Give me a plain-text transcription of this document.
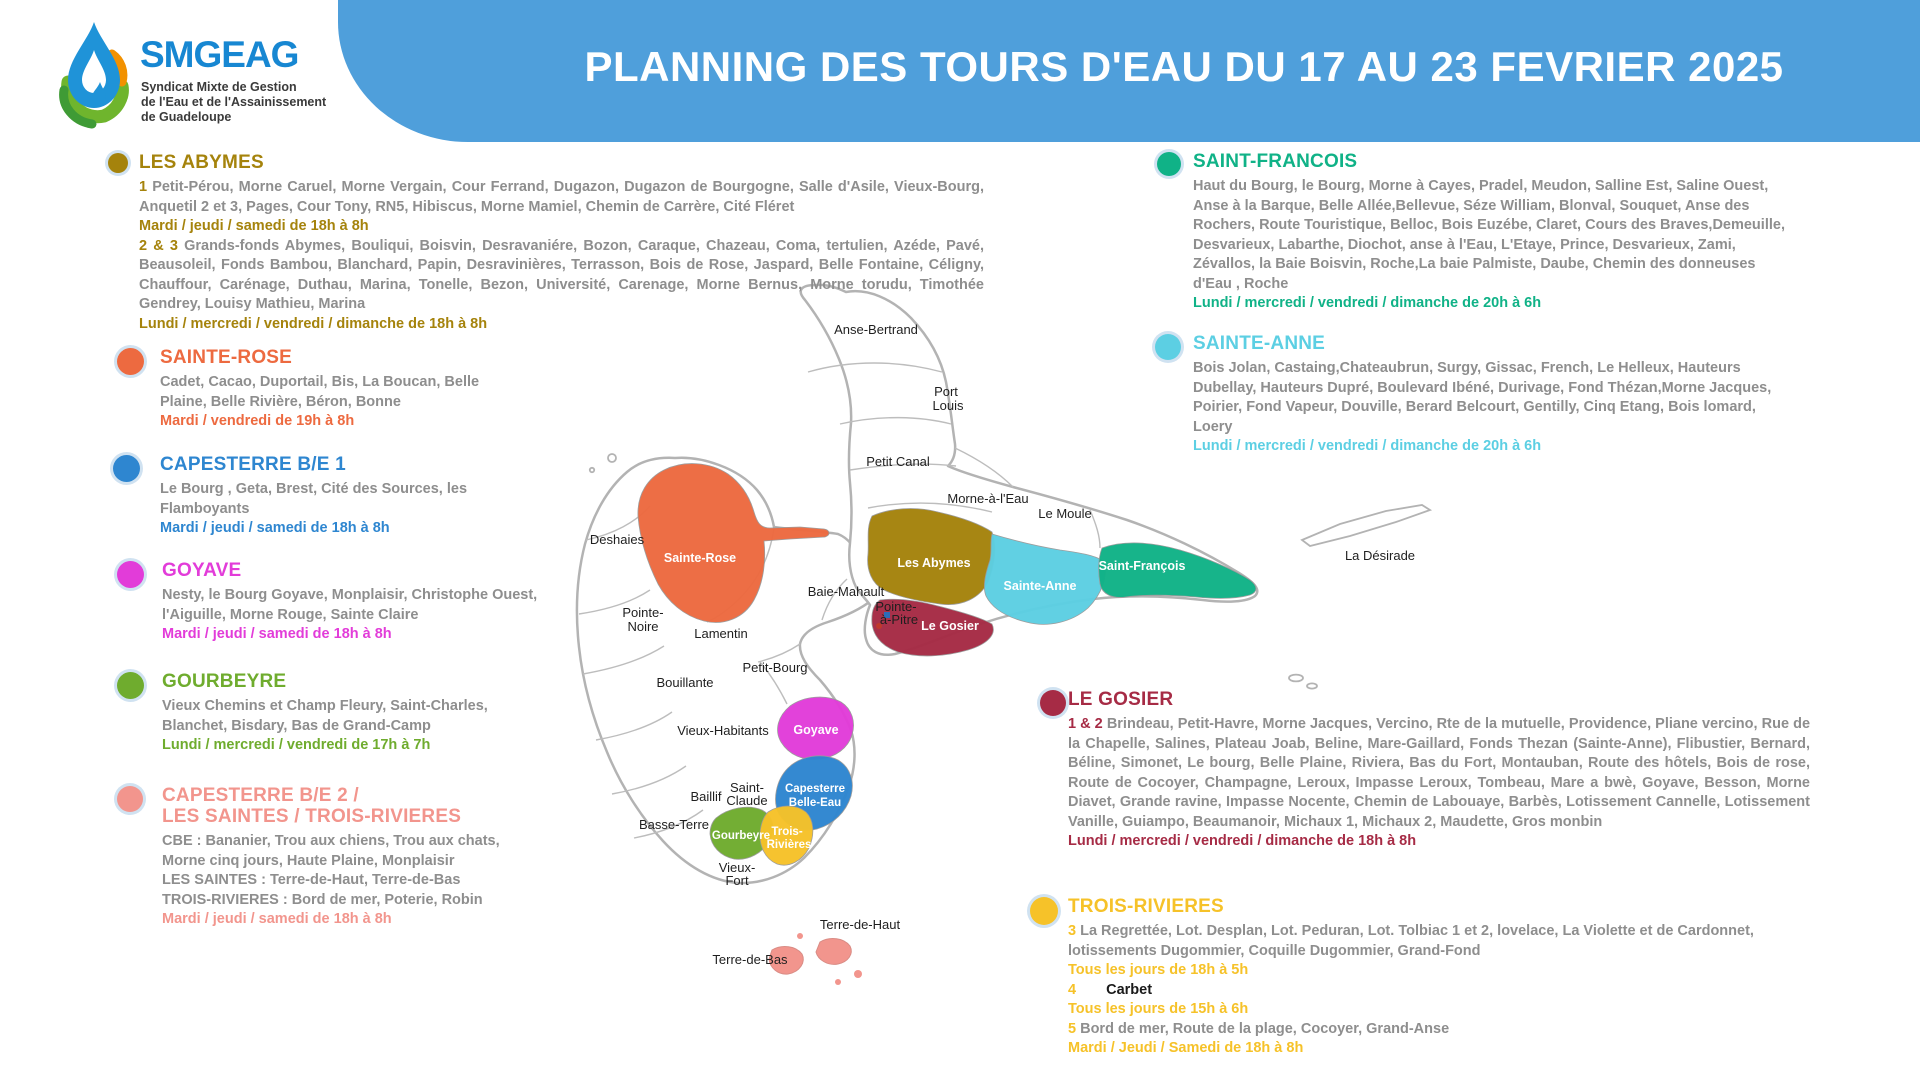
PLANNING DES TOURS D'EAU DU 17 AU 23 FEVRIER 2025
SMGEAG
Syndicat Mixte de Gestion
de l'Eau et de l'Assainissement
de Guadeloupe
Anse-Bertrand
Port
Louis
Petit Canal
Morne-à-l'Eau
Le Moule
La Désirade
Deshaies
Pointe-
Noire	Lamentin
Baie-Mahault
Pointe-
à-Pitre
Petit-Bourg
Bouillante
Vieux-Habitants
Saint-
Claude
Baillif
Basse-Terre
Vieux-
Fort
Terre-de-Haut
Terre-de-Bas
Sainte-Rose	Les Abymes
Sainte-Anne
Saint-François
Le Gosier
Goyave
Capesterre
Belle-Eau
Gourbeyre Trois-
Rivières
LES ABYMES

1 Petit-Pérou, Morne Caruel, Morne Vergain, Cour Ferrand, Dugazon, Dugazon de Bourgogne, Salle d'Asile, Vieux-Bourg, Anquetil 2 et 3, Pages, Cour Tony, RN5, Hibiscus, Morne Mamiel, Chemin de Carrère, Cité Fléret

Mardi / jeudi / samedi de 18h à 8h

2 & 3 Grands-fonds Abymes, Bouliqui, Boisvin, Desravaniére, Bozon, Caraque, Chazeau, Coma, tertulien, Azéde, Pavé, Beausoleil, Fonds Bambou, Blanchard, Papin, Desravinières, Terrasson, Bois de Rose, Jaspard, Belle Fontaine, Céligny, Chauffour, Carénage, Duthau, Marina, Tonelle, Bezon, Université, Carenage, Morne Bernus, Morne torudu, Timothée Gendrey, Louisy Mathieu, Marina

Lundi / mercredi / vendredi / dimanche de 18h à 8h

SAINTE-ROSE

Cadet, Cacao, Duportail, Bis, La Boucan, Belle Plaine, Belle Rivière, Béron, Bonne

Mardi / vendredi de 19h à 8h

CAPESTERRE B/E 1

Le Bourg , Geta, Brest, Cité des Sources, les Flamboyants

Mardi / jeudi / samedi de 18h à 8h

GOYAVE

Nesty, le Bourg Goyave, Monplaisir, Christophe Ouest, l'Aiguille, Morne Rouge, Sainte Claire

Mardi / jeudi / samedi de 18h à 8h

GOURBEYRE

Vieux Chemins et Champ Fleury, Saint-Charles, Blanchet, Bisdary, Bas de Grand-Camp

Lundi / mercredi / vendredi de 17h à 7h

CAPESTERRE B/E 2 /
LES SAINTES / TROIS-RIVIERES

CBE : Bananier, Trou aux chiens, Trou aux chats, Morne cinq jours, Haute Plaine, Monplaisir

LES SAINTES : Terre-de-Haut, Terre-de-Bas

TROIS-RIVIERES : Bord de mer, Poterie, Robin

Mardi / jeudi / samedi de 18h à 8h

SAINT-FRANCOIS

Haut du Bourg, le Bourg, Morne à Cayes, Pradel, Meudon, Salline Est, Saline Ouest, Anse à la Barque, Belle Allée,Bellevue, Séze William, Blonval, Souquet, Anse des Rochers, Route Touristique, Belloc, Bois Euzébe, Claret, Cours des Braves,Demeuille, Desvarieux, Labarthe, Diochot, anse à l'Eau, L'Etaye, Prince, Desvarieux, Zami, Zévallos, la Baie Boisvin, Roche,La baie Palmiste, Daube, Chemin des donneuses d'Eau , Roche

Lundi / mercredi / vendredi / dimanche de 20h à 6h

SAINTE-ANNE

Bois Jolan, Castaing,Chateaubrun, Surgy, Gissac, French, Le Helleux, Hauteurs Dubellay, Hauteurs Dupré, Boulevard Ibéné, Durivage, Fond Thézan,Morne Jacques, Poirier, Fond Vapeur, Douville, Berard Belcourt, Gentilly, Cinq Etang, Bois lomard, Loery

Lundi / mercredi / vendredi / dimanche de 20h à 6h

LE GOSIER

1 & 2 Brindeau, Petit-Havre, Morne Jacques, Vercino, Rte de la mutuelle, Providence, Pliane vercino, Rue de la Chapelle, Salines, Plateau Joab, Beline, Mare-Gaillard, Fonds Thezan (Sainte-Anne), Flibustier, Bernard, Béline, Simonet, Le bourg, Belle Plaine, Riviera, Bas du Fort, Montauban, Route des hôtels, Bois de rose, Route de Cocoyer, Champagne, Leroux, Impasse Leroux, Tombeau, Mare a bwè, Goyave, Besson, Morne Diavet, Grande ravine, Impasse Nocente, Chemin de Labouaye, Barbès, Lotissement Cannelle, Lotissement Vanille, Guiampo, Beaumanoir, Michaux 1, Michaux 2, Maudette, Gros monbin

Lundi / mercredi / vendredi / dimanche de 18h à 8h

TROIS-RIVIERES

3 La Regrettée, Lot. Desplan, Lot. Peduran, Lot. Tolbiac 1 et 2, lovelace, La Violette et de Cardonnet, lotissements Dugommier, Coquille Dugommier, Grand-Fond

Tous les jours de 18h à 5h

4 Carbet

Tous les jours de 15h à 6h

5 Bord de mer, Route de la plage, Cocoyer, Grand-Anse

Mardi / Jeudi / Samedi de 18h à 8h
